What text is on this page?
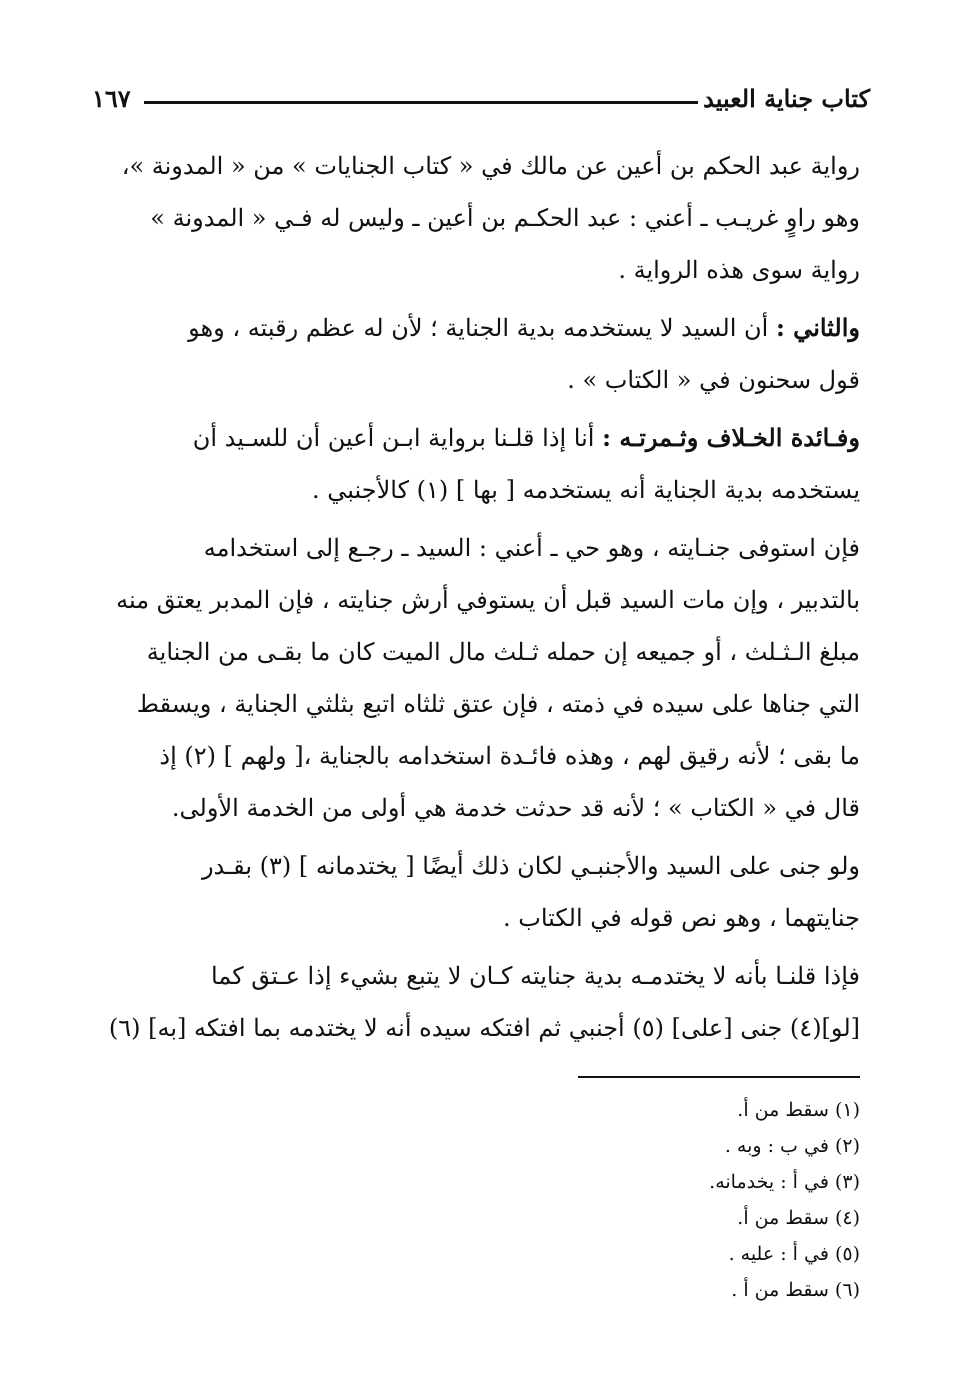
كتاب جناية العبيد
١٦٧

رواية عبد الحكم بن أعين عن مالك في « كتاب الجنايات » من « المدونة »،
وهو راوٍ غريـب ـ أعني : عبد الحكـم بن أعين ـ وليس له فـي « المدونة »
رواية سوى هذه الرواية .

والثاني : أن السيد لا يستخدمه بدية الجناية ؛ لأن له عظم رقبته ، وهو
قول سحنون في « الكتاب » .

وفـائدة الخـلاف وثـمرتـه : أنا إذا قلـنا برواية ابـن أعين أن للسـيد أن
يستخدمه بدية الجناية أنه يستخدمه [ بها ] (١) كالأجنبي .

فإن استوفى جنـايته ، وهو حي ـ أعني : السيد ـ رجـع إلى استخدامه
بالتدبير ، وإن مات السيد قبل أن يستوفي أرش جنايته ، فإن المدبر يعتق منه
مبلغ الـثـلث ، أو جميعه إن حمله ثـلث مال الميت كان ما بقـى من الجناية
التي جناها على سيده في ذمته ، فإن عتق ثلثاه اتبع بثلثي الجناية ، ويسقط
ما بقى ؛ لأنه رقيق لهم ، وهذه فائـدة استخدامه بالجناية ،[ ولهم ] (٢) إذ
قال في « الكتاب » ؛ لأنه قد حدثت خدمة هي أولى من الخدمة الأولى.

ولو جنى على السيد والأجنبـي لكان ذلك أيضًا [ يختدمانه ] (٣) بقـدر
جنايتهما ، وهو نص قوله في الكتاب .

فإذا قلنـا بأنه لا يختدمـه بدية جنايته كـان لا يتبع بشيء إذا عـتق كما
[لو](٤) جنى [على] (٥) أجنبي ثم افتكه سيده أنه لا يختدمه بما افتكه [به] (٦)

(١) سقط من أ.
(٢) في ب : وبه .
(٣) في أ : يخدمانه.
(٤) سقط من أ.
(٥) في أ : عليه .
(٦) سقط من أ .
